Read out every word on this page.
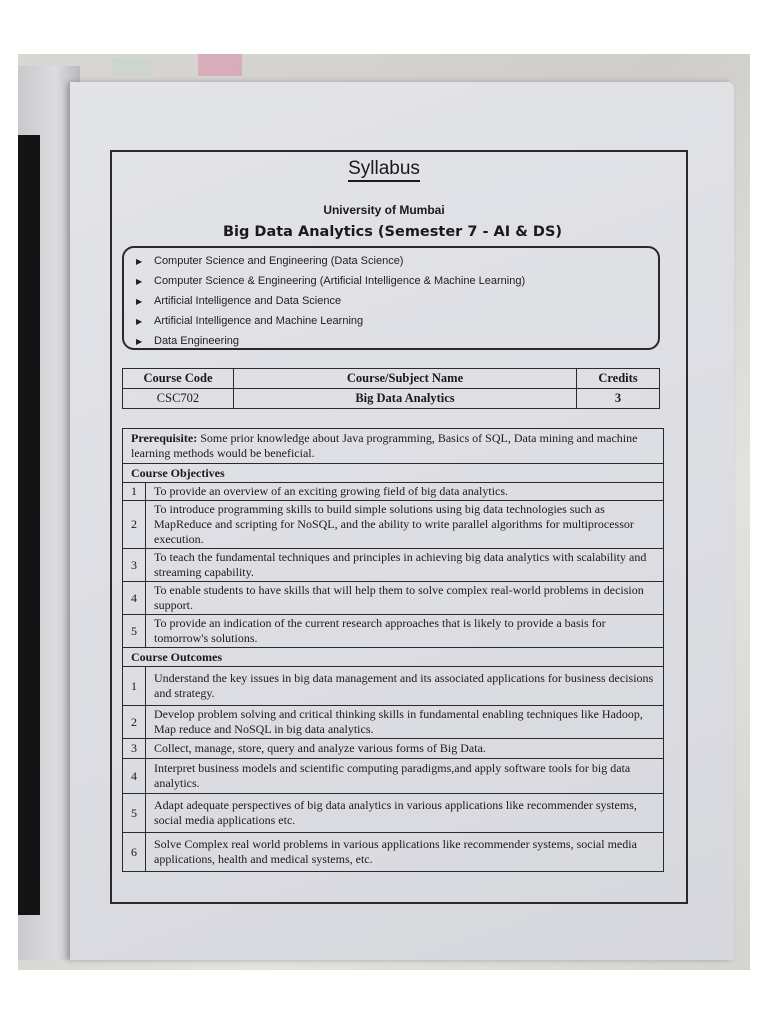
Syllabus
University of Mumbai
Big Data Analytics (Semester 7 - AI & DS)
▶ Computer Science and Engineering (Data Science)
▶ Computer Science & Engineering (Artificial Intelligence & Machine Learning)
▶ Artificial Intelligence and Data Science
▶ Artificial Intelligence and Machine Learning
▶ Data Engineering
Course Code	Course/Subject Name	Credits
CSC702	Big Data Analytics	3
Prerequisite: Some prior knowledge about Java programming, Basics of SQL, Data mining and machine learning methods would be beneficial.	
Course Objectives	
1	To provide an overview of an exciting growing field of big data analytics.
2	To introduce programming skills to build simple solutions using big data technologies such as MapReduce and scripting for NoSQL, and the ability to write parallel algorithms for multiprocessor execution.
3	To teach the fundamental techniques and principles in achieving big data analytics with scalability and streaming capability.
4	To enable students to have skills that will help them to solve complex real-world problems in decision support.
5	To provide an indication of the current research approaches that is likely to provide a basis for tomorrow's solutions.
Course Outcomes	
1	Understand the key issues in big data management and its associated applications for business decisions and strategy.
2	Develop problem solving and critical thinking skills in fundamental enabling techniques like Hadoop, Map reduce and NoSQL in big data analytics.
3	Collect, manage, store, query and analyze various forms of Big Data.
4	Interpret business models and scientific computing paradigms,and apply software tools for big data analytics.
5	Adapt adequate perspectives of big data analytics in various applications like recommender systems, social media applications etc.
6	Solve Complex real world problems in various applications like recommender systems, social media applications, health and medical systems, etc.
